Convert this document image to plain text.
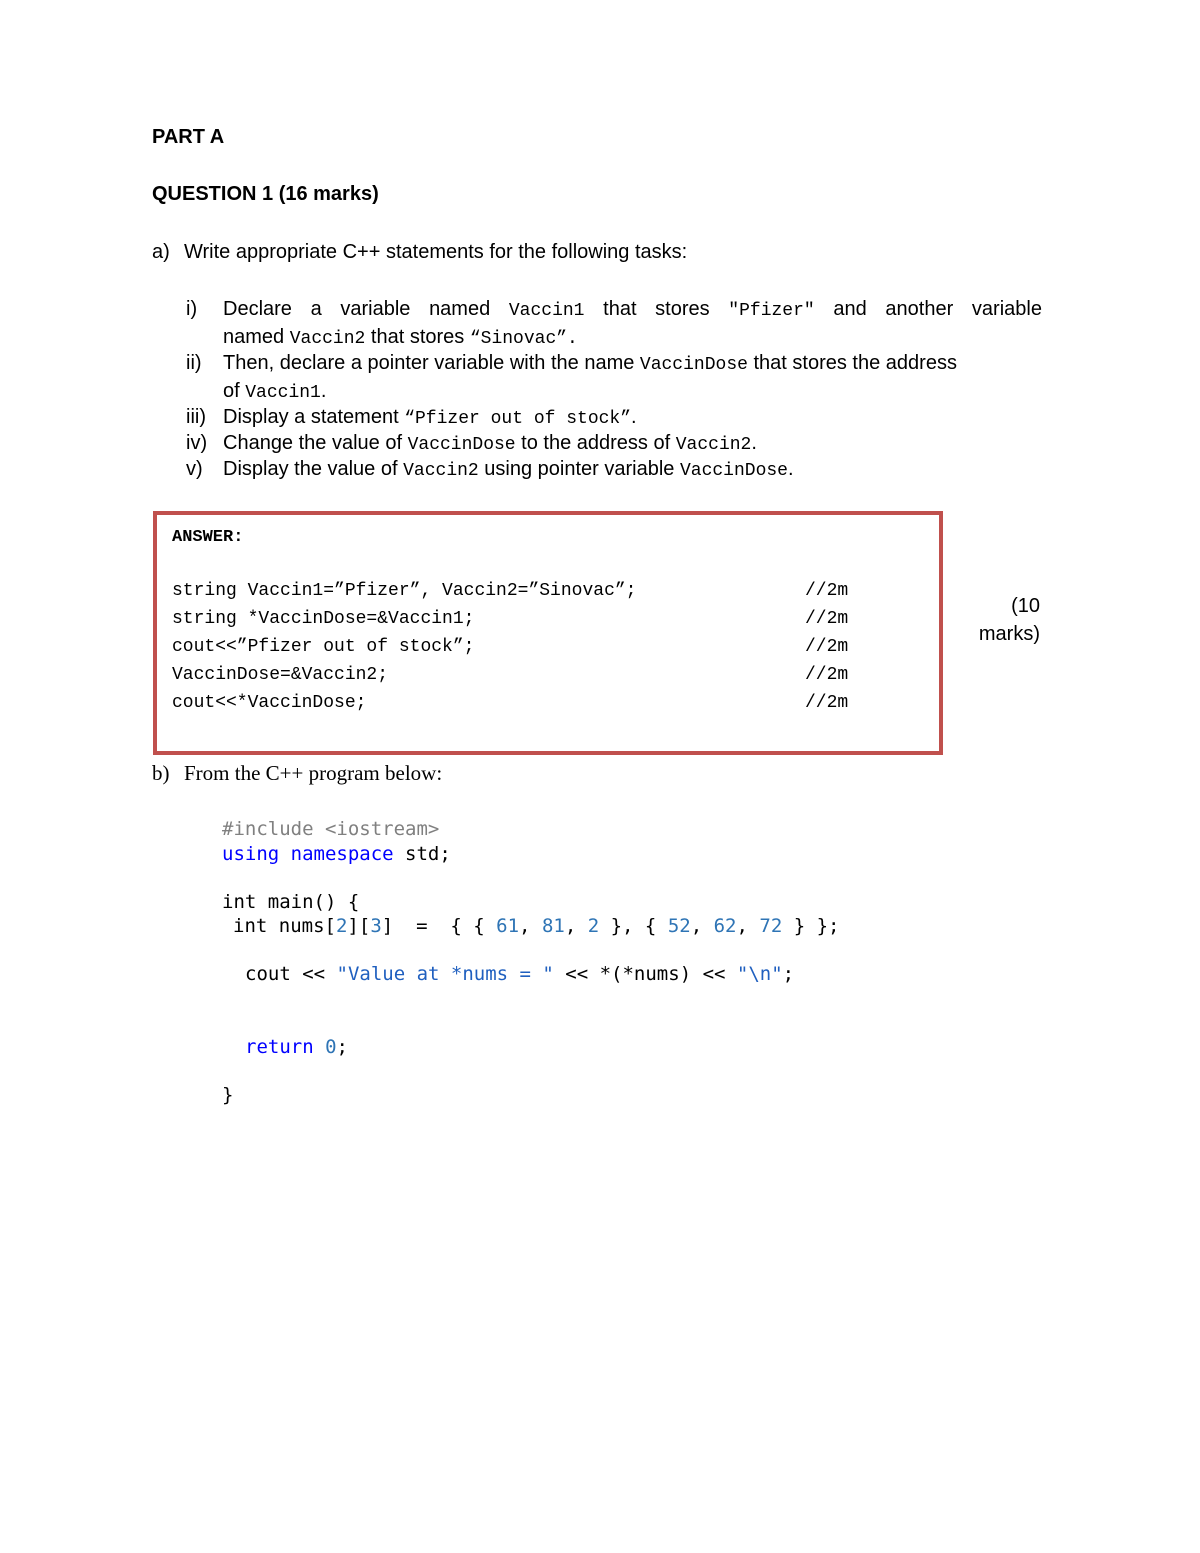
PART A
QUESTION 1 (16 marks)
a) Write appropriate C++ statements for the following tasks:
i) Declare a variable named Vaccin1 that stores "Pfizer" and another variable
named Vaccin2 that stores “Sinovac”.
ii) Then, declare a pointer variable with the name VaccinDose that stores the address
of Vaccin1.
iii) Display a statement “Pfizer out of stock”.
iv) Change the value of VaccinDose to the address of Vaccin2.
v) Display the value of Vaccin2 using pointer variable VaccinDose.
ANSWER:
string Vaccin1=”Pfizer”, Vaccin2=”Sinovac”;	//2m
string *VaccinDose=&Vaccin1;	//2m
cout<<”Pfizer out of stock”;	//2m
VaccinDose=&Vaccin2;	//2m
cout<<*VaccinDose;	//2m
(10
marks)
b) From the C++ program below:
#include <iostream>
using namespace std;
int main() {
int nums[2][3]  =  { { 61, 81, 2 }, { 52, 62, 72 } };
cout << "Value at *nums = " << *(*nums) << "\n";
return 0;
}
